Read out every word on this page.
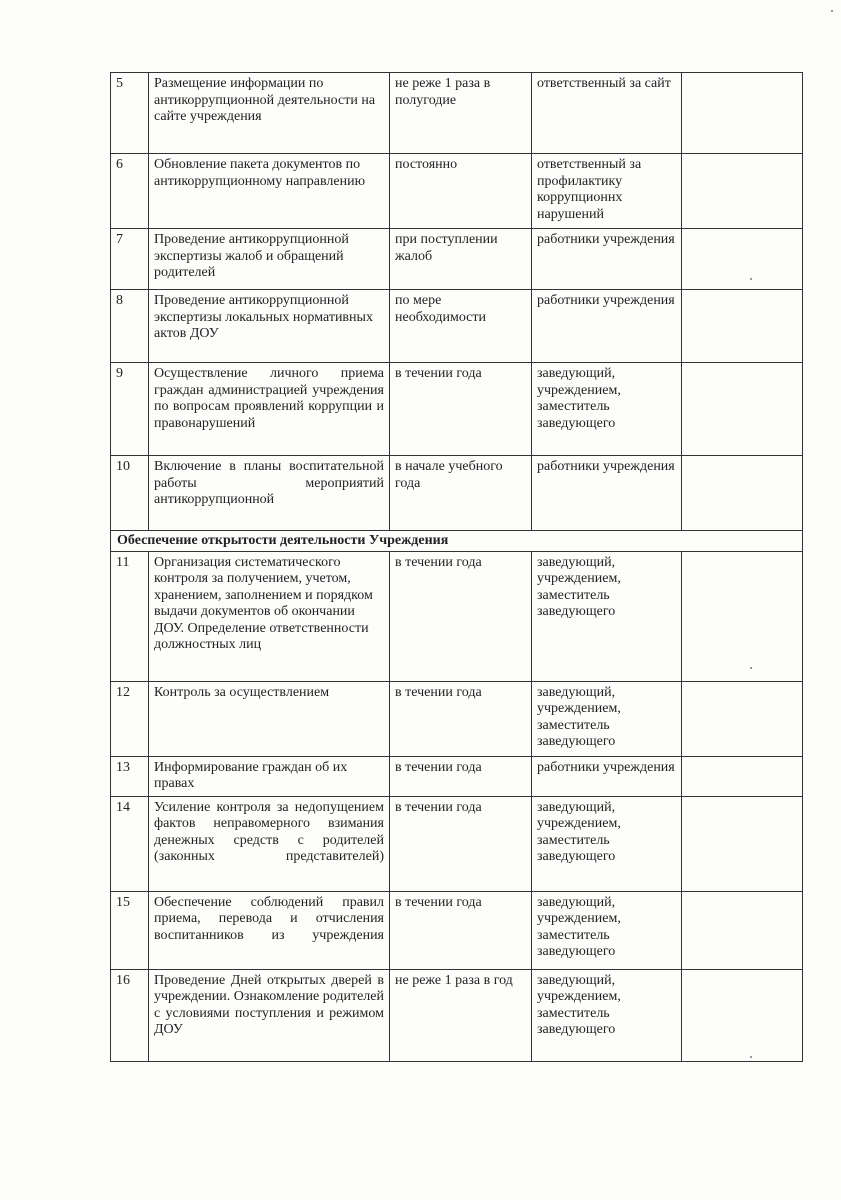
5	Размещение информации по антикоррупционной деятельности на сайте учреждения	не реже 1 раза в полугодие	ответственный за сайт	
6	Обновление пакета документов по антикоррупционному направлению	постоянно	ответственный за профилактику коррупционнх нарушений	
7	Проведение антикоррупционной экспертизы жалоб и обращений родителей	при поступлении жалоб	работники учреждения	
8	Проведение антикоррупционной экспертизы локальных нормативных актов ДОУ	по мере необходимости	работники учреждения	
9	Осуществление личного приема граждан администрацией учреждения по вопросам проявлений коррупции и правонарушений	в течении года	заведующий, учреждением, заместитель заведующего	
10	Включение в планы воспитательной работы мероприятий антикоррупционной	в начале учебного года	работники учреждения	
Обеспечение открытости деятельности Учреждения				
11	Организация систематического контроля за получением, учетом, хранением, заполнением и порядком выдачи документов об окончании ДОУ. Определение ответственности должностных лиц	в течении года	заведующий, учреждением, заместитель заведующего	
12	Контроль за осуществлением	в течении года	заведующий, учреждением, заместитель заведующего	
13	Информирование граждан об их правах	в течении года	работники учреждения	
14	Усиление контроля за недопущением фактов неправомерного взимания денежных средств с родителей (законных представителей)	в течении года	заведующий, учреждением, заместитель заведующего	
15	Обеспечение соблюдений правил приема, перевода и отчисления воспитанников из учреждения	в течении года	заведующий, учреждением, заместитель заведующего	
16	Проведение Дней открытых дверей в учреждении. Ознакомление родителей с условиями поступления и режимом ДОУ	не реже 1 раза в год	заведующий, учреждением, заместитель заведующего	
